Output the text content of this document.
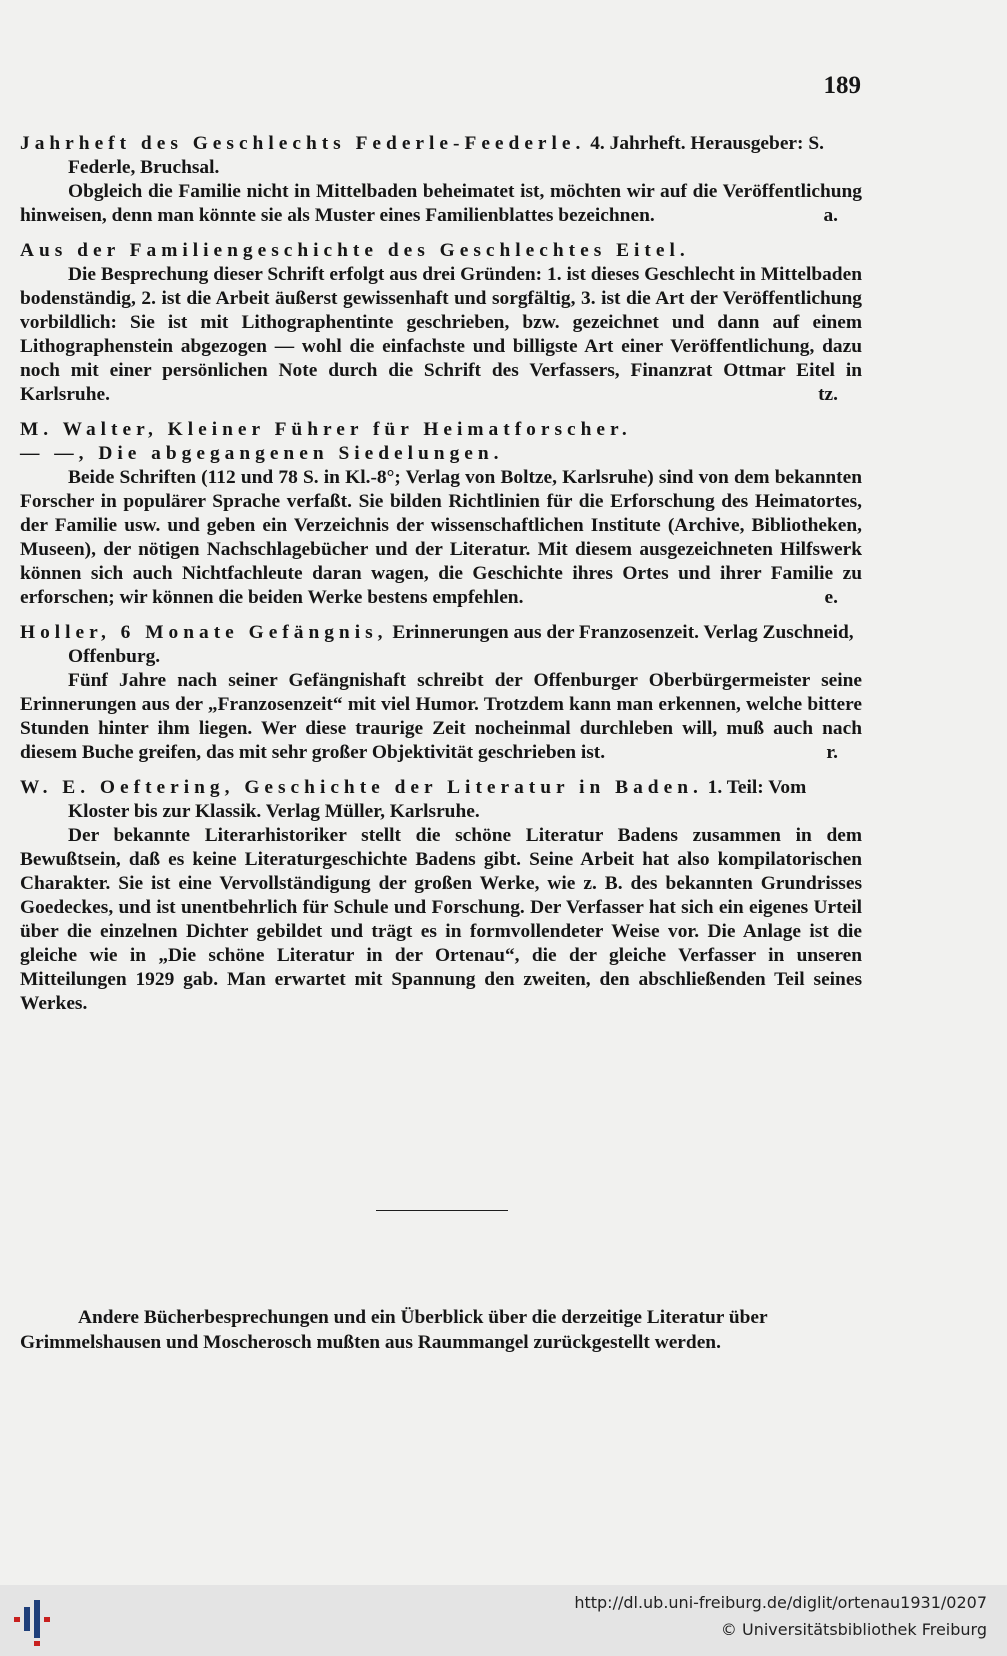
189

Jahrheft des Geschlechts Federle-Feederle. 4. Jahrheft. Herausgeber: S. Federle, Bruchsal.

Obgleich die Familie nicht in Mittelbaden beheimatet ist, möchten wir auf die Veröffentlichung hinweisen, denn man könnte sie als Muster eines Familienblattes bezeichnen.	a.

Aus der Familiengeschichte des Geschlechtes Eitel.

Die Besprechung dieser Schrift erfolgt aus drei Gründen: 1. ist dieses Geschlecht in Mittelbaden bodenständig, 2. ist die Arbeit äußerst gewissenhaft und sorgfältig, 3. ist die Art der Veröffentlichung vorbildlich: Sie ist mit Lithographentinte geschrieben, bzw. gezeichnet und dann auf einem Lithographenstein abgezogen — wohl die einfachste und billigste Art einer Veröffentlichung, dazu noch mit einer persönlichen Note durch die Schrift des Verfassers, Finanzrat Ottmar Eitel in Karlsruhe.	tz.

M. Walter, Kleiner Führer für Heimatforscher.

— —, Die abgegangenen Siedelungen.

Beide Schriften (112 und 78 S. in Kl.-8°; Verlag von Boltze, Karlsruhe) sind von dem bekannten Forscher in populärer Sprache verfaßt. Sie bilden Richtlinien für die Erforschung des Heimatortes, der Familie usw. und geben ein Verzeichnis der wissenschaftlichen Institute (Archive, Bibliotheken, Museen), der nötigen Nachschlagebücher und der Literatur. Mit diesem ausgezeichneten Hilfswerk können sich auch Nichtfachleute daran wagen, die Geschichte ihres Ortes und ihrer Familie zu erforschen; wir können die beiden Werke bestens empfehlen.	e.

Holler, 6 Monate Gefängnis, Erinnerungen aus der Franzosenzeit. Verlag Zuschneid, Offenburg.

Fünf Jahre nach seiner Gefängnishaft schreibt der Offenburger Oberbürgermeister seine Erinnerungen aus der „Franzosenzeit“ mit viel Humor. Trotzdem kann man erkennen, welche bittere Stunden hinter ihm liegen. Wer diese traurige Zeit nocheinmal durchleben will, muß auch nach diesem Buche greifen, das mit sehr großer Objektivität geschrieben ist.	r.

W. E. Oeftering, Geschichte der Literatur in Baden. 1. Teil: Vom Kloster bis zur Klassik. Verlag Müller, Karlsruhe.

Der bekannte Literarhistoriker stellt die schöne Literatur Badens zusammen in dem Bewußtsein, daß es keine Literaturgeschichte Badens gibt. Seine Arbeit hat also kompilatorischen Charakter. Sie ist eine Vervollständigung der großen Werke, wie z. B. des bekannten Grundrisses Goedeckes, und ist unentbehrlich für Schule und Forschung. Der Verfasser hat sich ein eigenes Urteil über die einzelnen Dichter gebildet und trägt es in formvollendeter Weise vor. Die Anlage ist die gleiche wie in „Die schöne Literatur in der Ortenau“, die der gleiche Verfasser in unseren Mitteilungen 1929 gab. Man erwartet mit Spannung den zweiten, den abschließenden Teil seines Werkes.

Andere Bücherbesprechungen und ein Überblick über die derzeitige Literatur über Grimmelshausen und Moscherosch mußten aus Raummangel zurückgestellt werden.

http://dl.ub.uni-freiburg.de/diglit/ortenau1931/0207
© Universitätsbibliothek Freiburg
